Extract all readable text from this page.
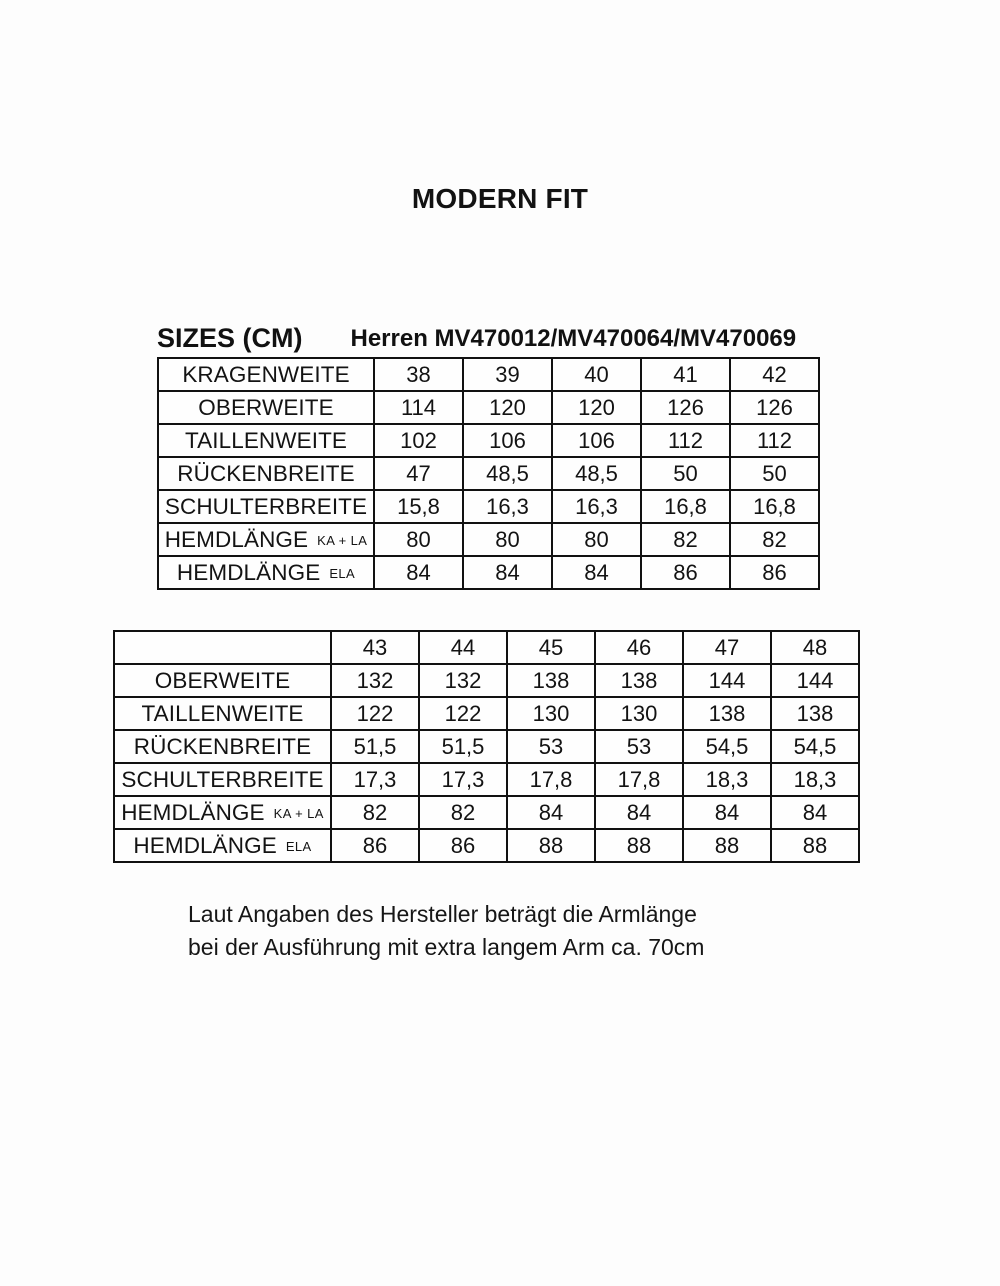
MODERN FIT
SIZES (CM) Herren MV470012/MV470064/MV470069
KRAGENWEITE	38	39	40	41	42
OBERWEITE	114	120	120	126	126
TAILLENWEITE	102	106	106	112	112
RÜCKENBREITE	47	48,5	48,5	50	50
SCHULTERBREITE	15,8	16,3	16,3	16,8	16,8
HEMDLÄNGE KA + LA	80	80	80	82	82
HEMDLÄNGE ELA	84	84	84	86	86
	43	44	45	46	47	48
OBERWEITE	132	132	138	138	144	144
TAILLENWEITE	122	122	130	130	138	138
RÜCKENBREITE	51,5	51,5	53	53	54,5	54,5
SCHULTERBREITE	17,3	17,3	17,8	17,8	18,3	18,3
HEMDLÄNGE KA + LA	82	82	84	84	84	84
HEMDLÄNGE ELA	86	86	88	88	88	88
Laut Angaben des Hersteller beträgt die Armlänge
bei der Ausführung mit extra langem Arm ca. 70cm
